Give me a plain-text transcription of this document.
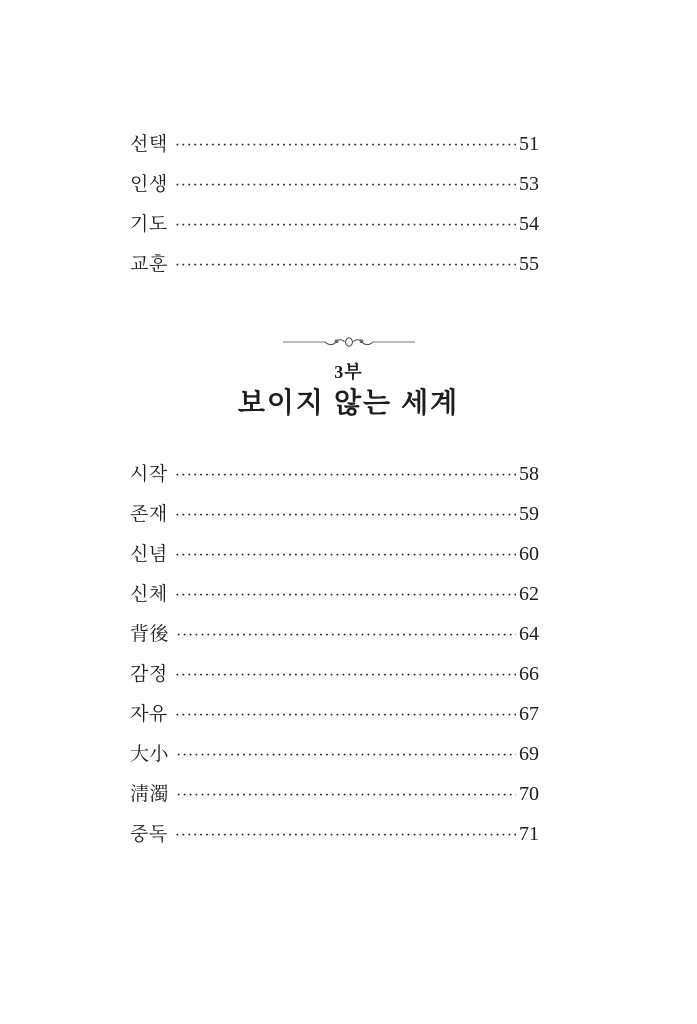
선택 ·····	51
인생 ·····	53
기도 ·····	54
교훈 ·····	55
3부
보이지 않는 세계
시작 ·····	58
존재 ·····	59
신념 ·····	60
신체 ·····	62
背後 ·····	64
감정 ·····	66
자유 ·····	67
大小 ·····	69
淸濁 ·····	70
중독 ·····	71
